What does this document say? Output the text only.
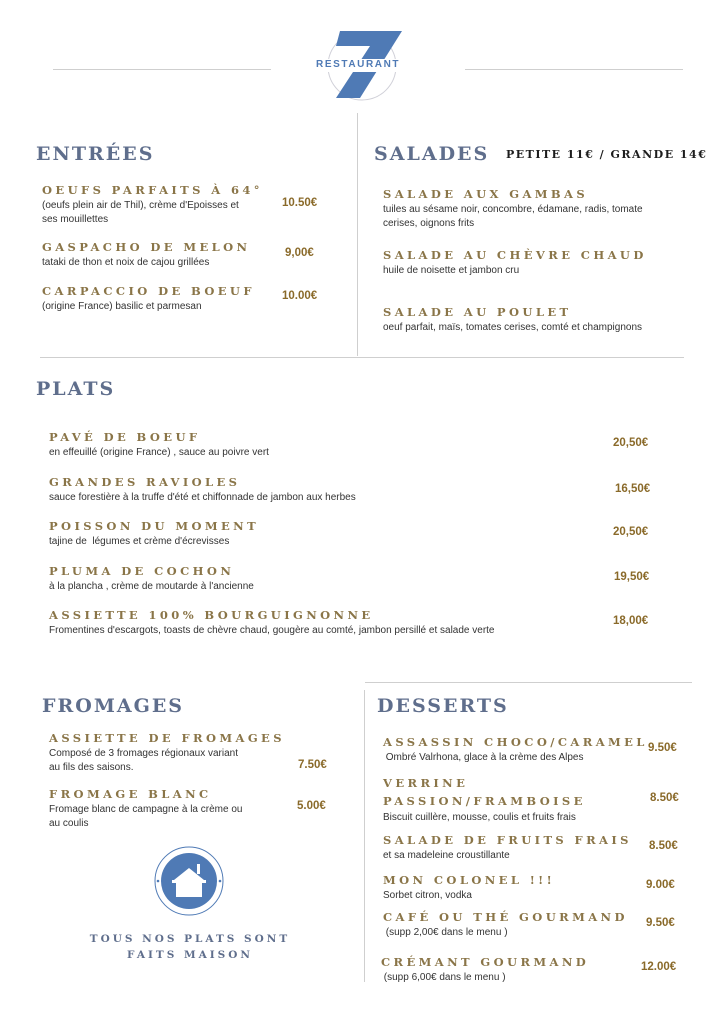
RESTAURANT
ENTRÉES	SALADES PETITE 11€ / GRANDE 14€
PLATS
FROMAGES	DESSERTS
OEUFS PARFAITS À 64°
(oeufs plein air de Thil), crème d'Epoisses et
ses mouillettes
10.50€
GASPACHO DE MELON
tataki de thon et noix de cajou grillées
9,00€
CARPACCIO DE BOEUF
(origine France) basilic et parmesan
10.00€
SALADE AUX GAMBAS
tuiles au sésame noir, concombre, édamane, radis, tomate
cerises, oignons frits
SALADE AU CHÈVRE CHAUD
huile de noisette et jambon cru
SALADE AU POULET
oeuf parfait, maïs, tomates cerises, comté et champignons
PAVÉ DE BOEUF
en effeuillé (origine France) , sauce au poivre vert
20,50€
GRANDES RAVIOLES
sauce forestière à la truffe d'été et chiffonnade de jambon aux herbes
16,50€
POISSON DU MOMENT
tajine de  légumes et crème d'écrevisses
20,50€
PLUMA DE COCHON
à la plancha , crème de moutarde à l'ancienne
19,50€
ASSIETTE 100% BOURGUIGNONNE
Fromentines d'escargots, toasts de chèvre chaud, gougère au comté, jambon persillé et salade verte
18,00€
ASSIETTE DE FROMAGES
Composé de 3 fromages régionaux variant
au fils des saisons.	7.50€
FROMAGE BLANC
Fromage blanc de campagne à la crème ou
au coulis
5.00€
ASSASSIN CHOCO/CARAMEL
Ombré Valrhona, glace à la crème des Alpes
9.50€
VERRINE
PASSION/FRAMBOISE
Biscuit cuillère, mousse, coulis et fruits frais
8.50€
SALADE DE FRUITS FRAIS
et sa madeleine croustillante
8.50€
MON COLONEL !!!
Sorbet citron, vodka
9.00€
CAFÉ OU THÉ GOURMAND
(supp 2,00€ dans le menu )
9.50€
CRÉMANT GOURMAND
(supp 6,00€ dans le menu )
12.00€
TOUS NOS PLATS SONT
FAITS MAISON
